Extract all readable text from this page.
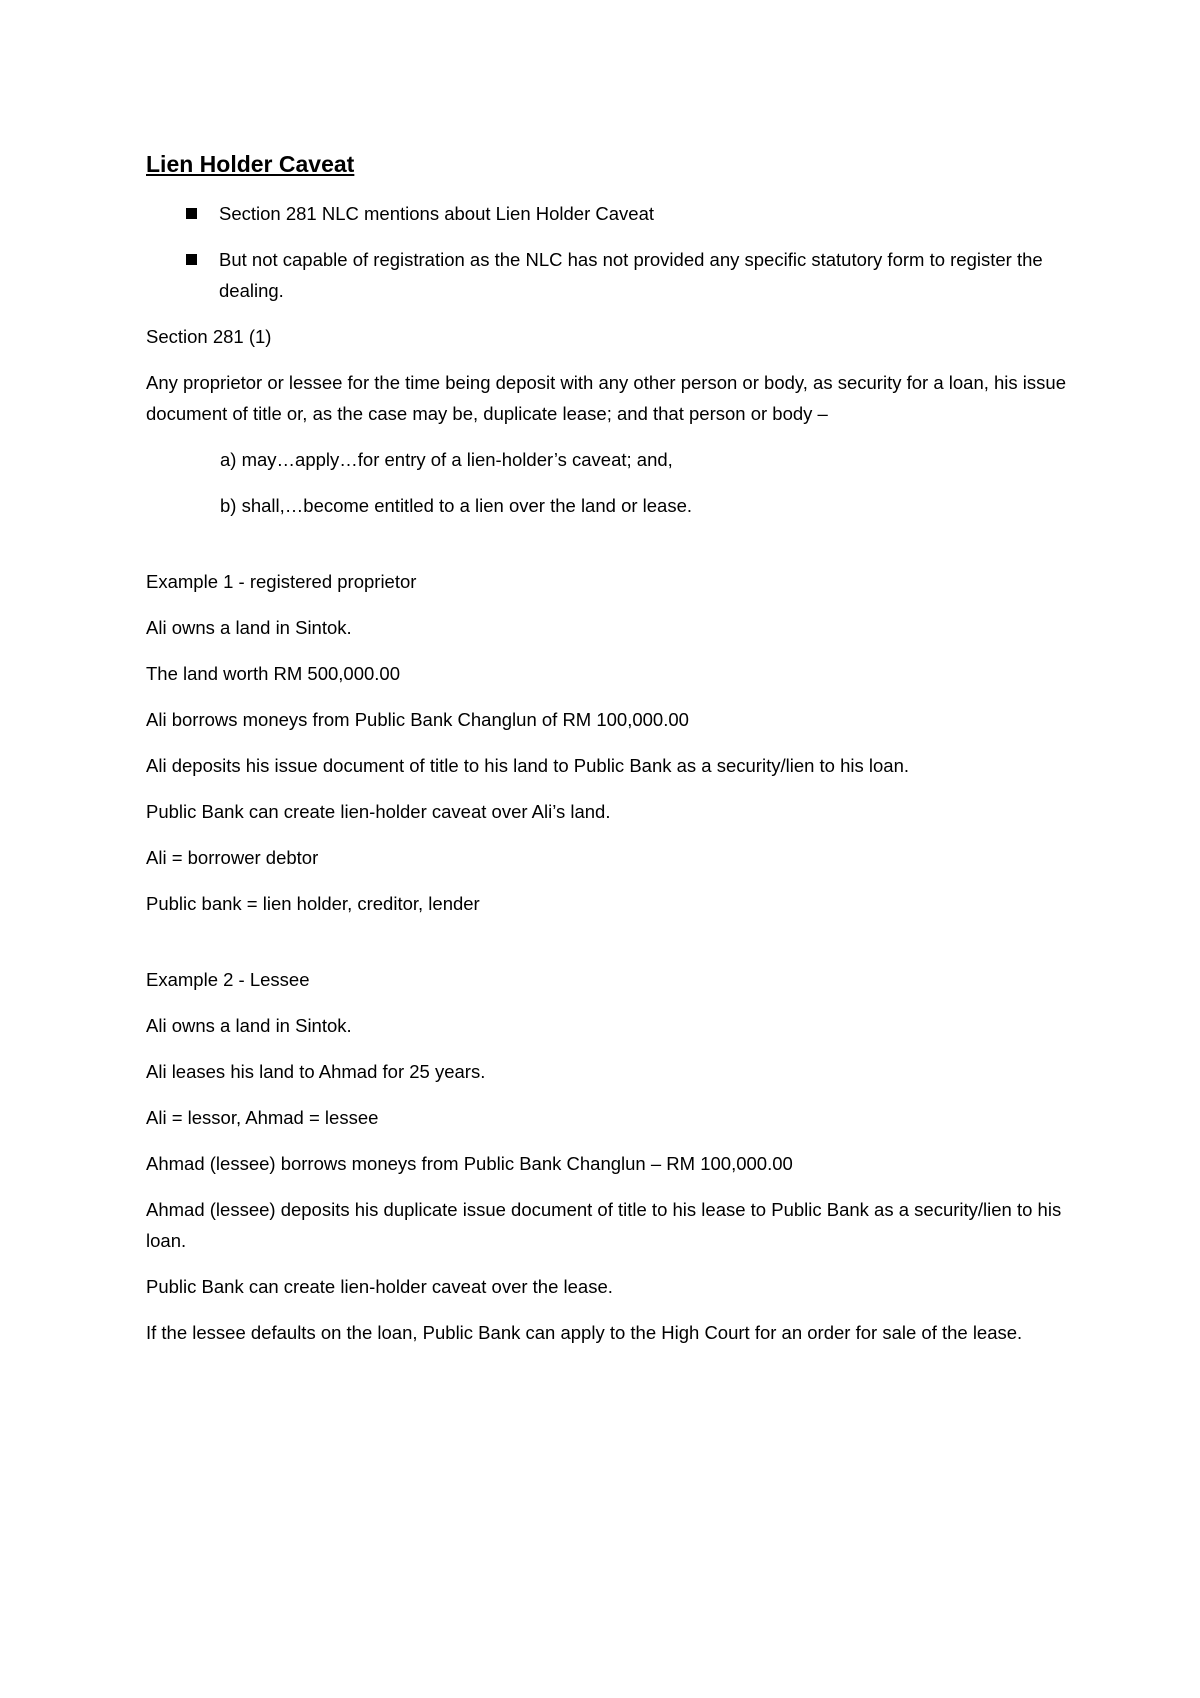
Lien Holder Caveat
Section 281 NLC mentions about Lien Holder Caveat
But not capable of registration as the NLC has not provided any specific statutory form to register the dealing.

Section 281 (1)

Any proprietor or lessee for the time being deposit with any other person or body, as security for a loan, his issue document of title or, as the case may be, duplicate lease; and that person or body –

a) may…apply…for entry of a lien-holder’s caveat; and,
b) shall,…become entitled to a lien over the land or lease.

Example 1 - registered proprietor

Ali owns a land in Sintok.

The land worth RM 500,000.00

Ali borrows moneys from Public Bank Changlun of RM 100,000.00

Ali deposits his issue document of title to his land to Public Bank as a security/lien to his loan.

Public Bank can create lien-holder caveat over Ali’s land.

Ali = borrower debtor

Public bank = lien holder, creditor, lender

Example 2 - Lessee

Ali owns a land in Sintok.

Ali leases his land to Ahmad for 25 years.

Ali = lessor, Ahmad = lessee

Ahmad (lessee) borrows moneys from Public Bank Changlun – RM 100,000.00

Ahmad (lessee) deposits his duplicate issue document of title to his lease to Public Bank as a security/lien to his loan.

Public Bank can create lien-holder caveat over the lease.

If the lessee defaults on the loan, Public Bank can apply to the High Court for an order for sale of the lease.
